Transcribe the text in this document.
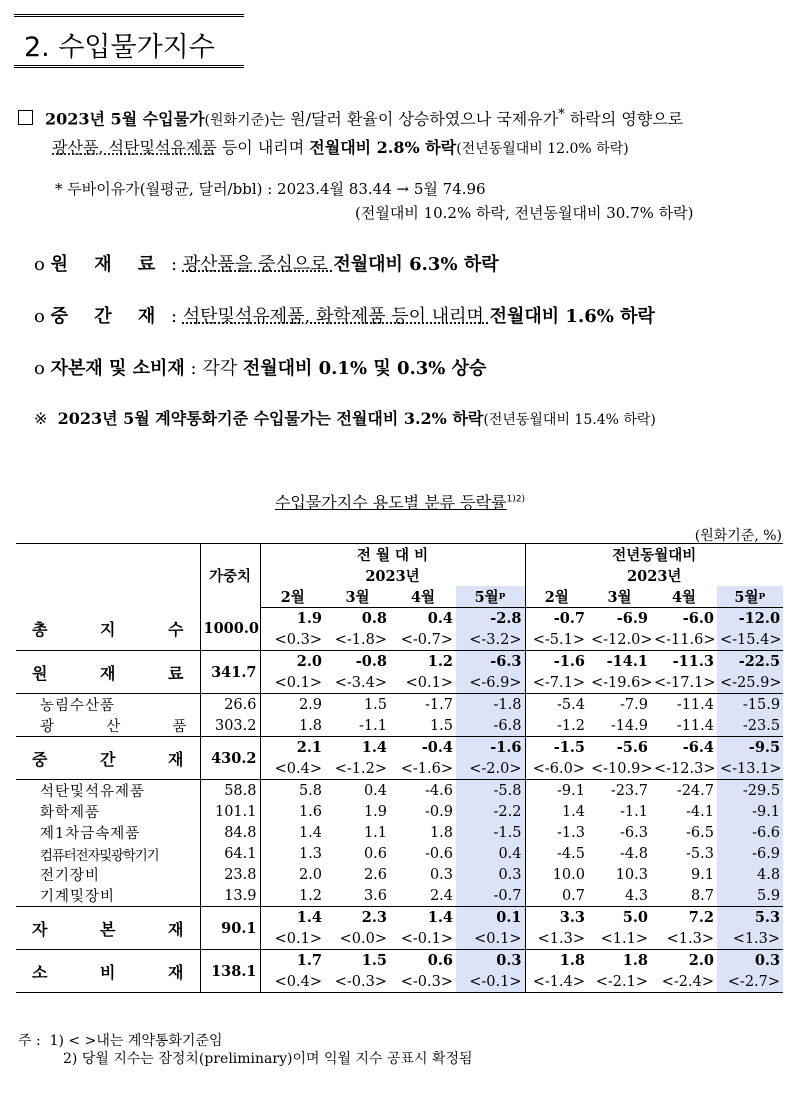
2. 수입물가지수
2023년 5월 수입물가(원화기준)는 원/달러 환율이 상승하였으나 국제유가* 하락의 영향으로
광산품, 석탄및석유제품 등이 내리며 전월대비 2.8% 하락(전년동월대비 12.0% 하락)
* 두바이유가(월평균, 달러/bbl) : 2023.4월 83.44 → 5월 74.96
(전월대비 10.2% 하락, 전년동월대비 30.7% 하락)
o 원 재 료 : 광산품을 중심으로 전월대비 6.3% 하락
o 중 간 재 : 석탄및석유제품, 화학제품 등이 내리며 전월대비 1.6% 하락
o 자본재 및 소비재 : 각각 전월대비 0.1% 및 0.3% 상승
※ 2023년 5월 계약통화기준 수입물가는 전월대비 3.2% 하락(전년동월대비 15.4% 하락)
수입물가지수 용도별 분류 등락률$^{1)2)}$
(원화기준, %)
	가중치	전 월 대 비				전년동월대비			
		2023년				2023년			
		2월	3월	4월	5월ᵖ	2월	3월	4월	5월ᵖ
총 지 수	1000.0	1.9	0.8	0.4	-2.8	-0.7	-6.9	-6.0	-12.0
		<0.3>	<-1.8>	<-0.7>	<-3.2>	<-5.1>	<-12.0>	<-11.6>	<-15.4>
원 재 료	341.7	2.0	-0.8	1.2	-6.3	-1.6	-14.1	-11.3	-22.5
		<0.1>	<-3.4>	<0.1>	<-6.9>	<-7.1>	<-19.6>	<-17.1>	<-25.9>
농림수산품	26.6	2.9	1.5	-1.7	-1.8	-5.4	-7.9	-11.4	-15.9
광 산 품	303.2	1.8	-1.1	1.5	-6.8	-1.2	-14.9	-11.4	-23.5
중 간 재	430.2	2.1	1.4	-0.4	-1.6	-1.5	-5.6	-6.4	-9.5
		<0.4>	<-1.2>	<-1.6>	<-2.0>	<-6.0>	<-10.9>	<-12.3>	<-13.1>
석탄및석유제품	58.8	5.8	0.4	-4.6	-5.8	-9.1	-23.7	-24.7	-29.5
화학제품	101.1	1.6	1.9	-0.9	-2.2	1.4	-1.1	-4.1	-9.1
제1차금속제품	84.8	1.4	1.1	1.8	-1.5	-1.3	-6.3	-6.5	-6.6
컴퓨터전자및광학기기	64.1	1.3	0.6	-0.6	0.4	-4.5	-4.8	-5.3	-6.9
전기장비	23.8	2.0	2.6	0.3	0.3	10.0	10.3	9.1	4.8
기계및장비	13.9	1.2	3.6	2.4	-0.7	0.7	4.3	8.7	5.9
자 본 재	90.1	1.4	2.3	1.4	0.1	3.3	5.0	7.2	5.3
		<0.1>	<0.0>	<-0.1>	<0.1>	<1.3>	<1.1>	<1.3>	<1.3>
소 비 재	138.1	1.7	1.5	0.6	0.3	1.8	1.8	2.0	0.3
		<0.4>	<-0.3>	<-0.3>	<-0.1>	<-1.4>	<-2.1>	<-2.4>	<-2.7>
주 : 1) < >내는 계약통화기준임
2) 당월 지수는 잠정치(preliminary)이며 익월 지수 공표시 확정됨
